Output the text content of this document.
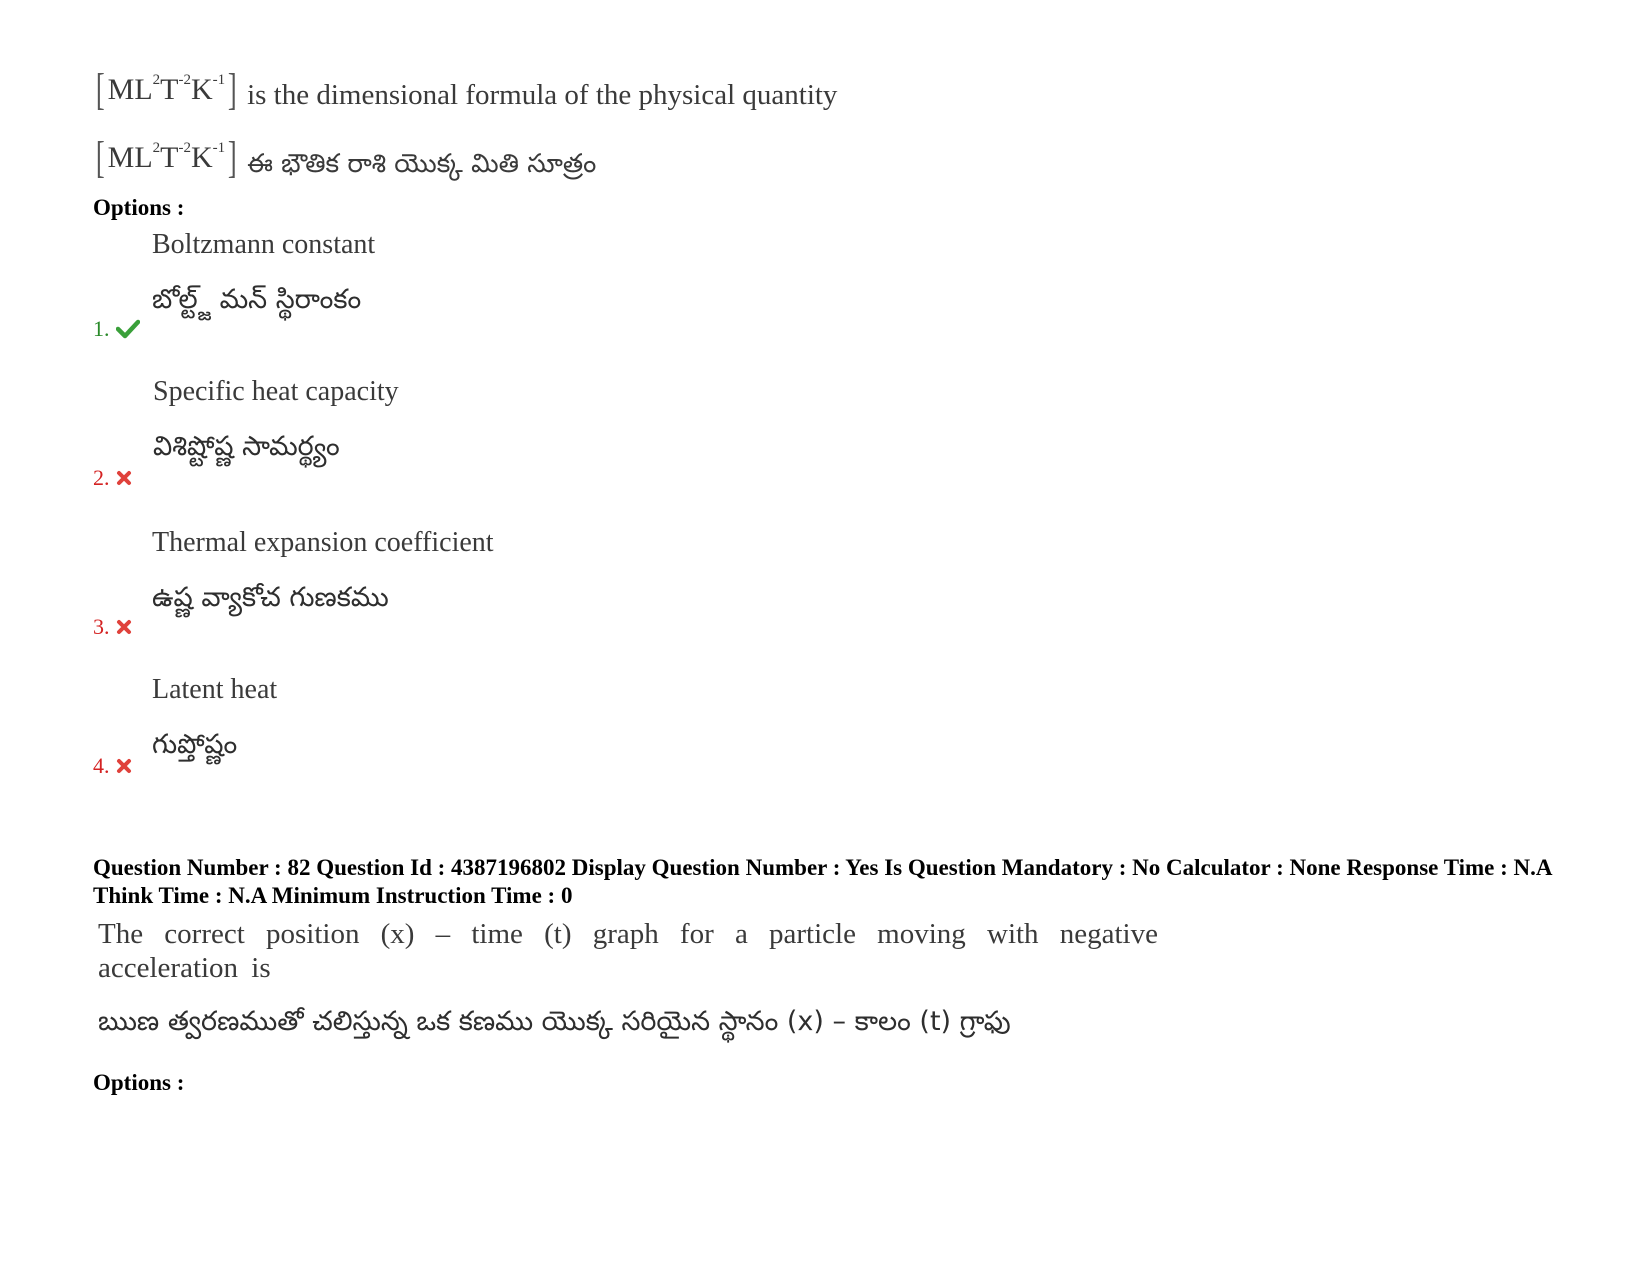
[ $ML^2T^{-2}K^{-1}$ ] is the dimensional formula of the physical quantity
[ $ML^2T^{-2}K^{-1}$ ] ఈ భౌతిక రాశి యొక్క మితి సూత్రం
Options :
Boltzmann constant
బోల్ట్జ్ మన్ స్థిరాంకం
1.
Specific heat capacity
విశిష్టోష్ణ సామర్థ్యం
2.
Thermal expansion coefficient
ఉష్ణ వ్యాకోచ గుణకము
3.
Latent heat
గుప్తోష్ణం
4.
Question Number : 82 Question Id : 4387196802 Display Question Number : Yes Is Question Mandatory : No Calculator : None Response Time : N.A Think Time : N.A Minimum Instruction Time : 0
The correct position (x) – time (t) graph for a particle moving with negative acceleration is
ఋణ త్వరణముతో చలిస్తున్న ఒక కణము యొక్క సరియైన స్థానం (x) – కాలం (t) గ్రాఫు
Options :
